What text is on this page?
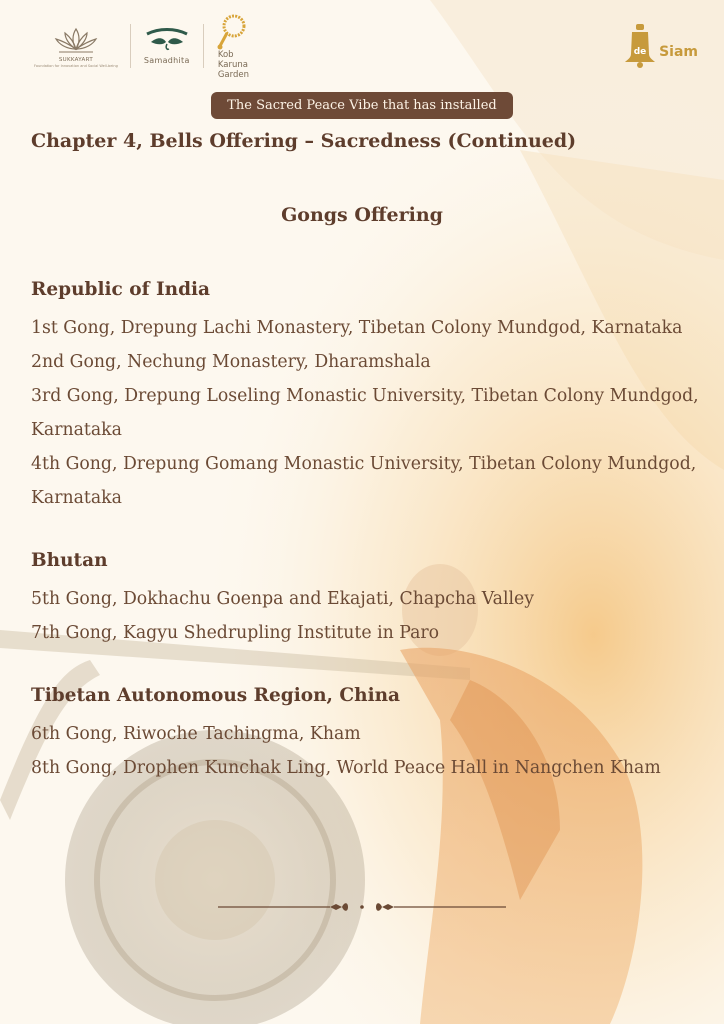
SUKKAYART
Foundation for Innovation and Social Well-being
Samadhita	Kob
Karuna
Garden
de Siam
The Sacred Peace Vibe that has installed
Chapter 4, Bells Offering – Sacredness (Continued)
Gongs Offering
Republic of India
1st Gong, Drepung Lachi Monastery, Tibetan Colony Mundgod, Karnataka
2nd Gong, Nechung Monastery, Dharamshala
3rd Gong, Drepung Loseling Monastic University, Tibetan Colony Mundgod, Karnataka
4th Gong, Drepung Gomang Monastic University, Tibetan Colony Mundgod, Karnataka
Bhutan
5th Gong, Dokhachu Goenpa and Ekajati, Chapcha Valley
7th Gong, Kagyu Shedrupling Institute in Paro
Tibetan Autonomous Region, China
6th Gong, Riwoche Tachingma, Kham
8th Gong, Drophen Kunchak Ling, World Peace Hall in Nangchen Kham
